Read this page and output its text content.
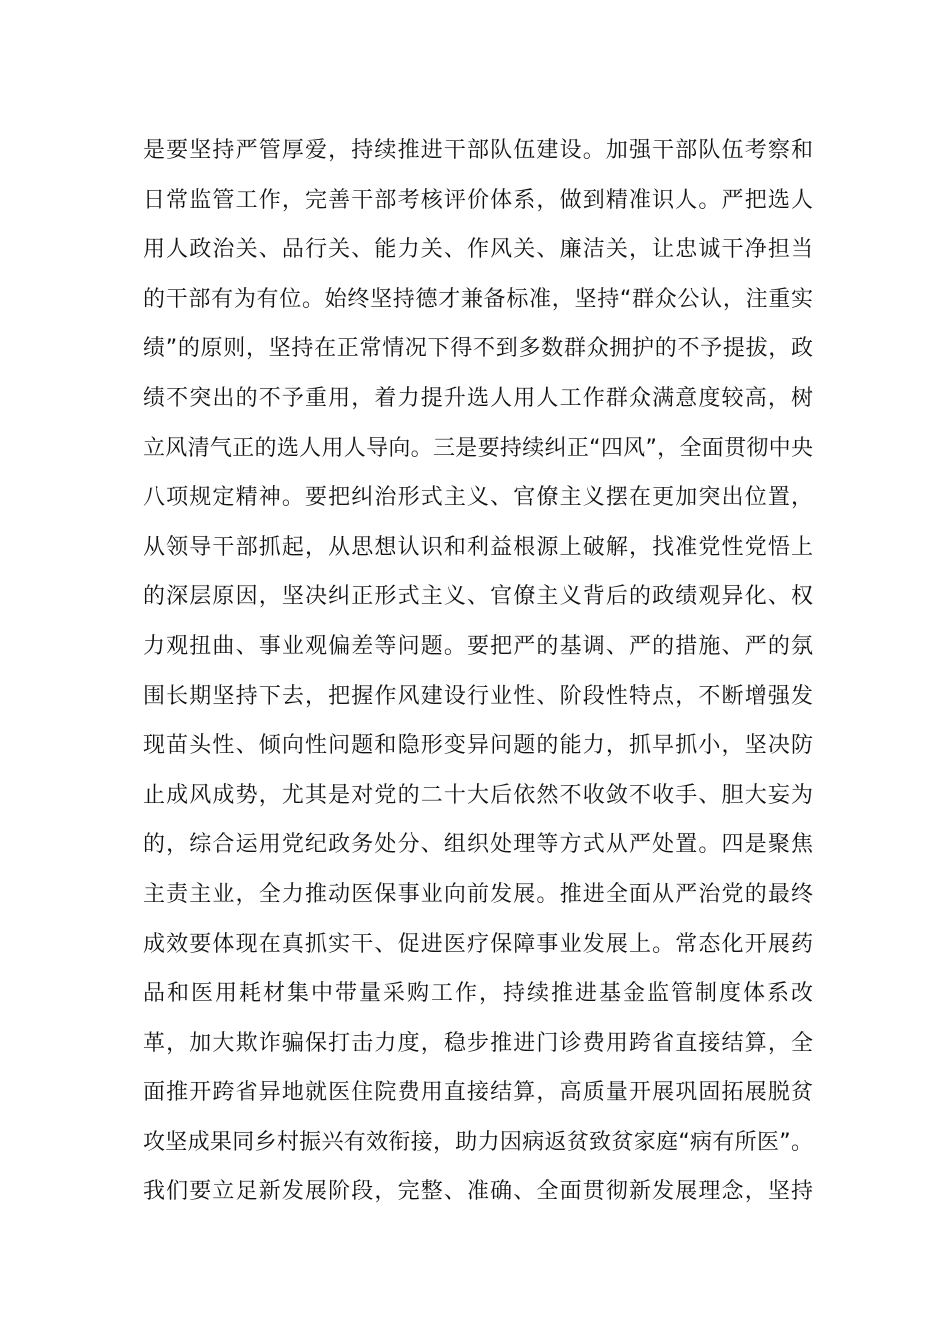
是要坚持严管厚爱，持续推进干部队伍建设。加强干部队伍考察和
日常监管工作，完善干部考核评价体系，做到精准识人。严把选人
用人政治关、品行关、能力关、作风关、廉洁关，让忠诚干净担当
的干部有为有位。始终坚持德才兼备标准，坚持“群众公认，注重实
绩”的原则，坚持在正常情况下得不到多数群众拥护的不予提拔，政
绩不突出的不予重用，着力提升选人用人工作群众满意度较高，树
立风清气正的选人用人导向。三是要持续纠正“四风”，全面贯彻中央
八项规定精神。要把纠治形式主义、官僚主义摆在更加突出位置，
从领导干部抓起，从思想认识和利益根源上破解，找准党性党悟上
的深层原因，坚决纠正形式主义、官僚主义背后的政绩观异化、权
力观扭曲、事业观偏差等问题。要把严的基调、严的措施、严的氛
围长期坚持下去，把握作风建设行业性、阶段性特点，不断增强发
现苗头性、倾向性问题和隐形变异问题的能力，抓早抓小，坚决防
止成风成势，尤其是对党的二十大后依然不收敛不收手、胆大妄为
的，综合运用党纪政务处分、组织处理等方式从严处置。四是聚焦
主责主业，全力推动医保事业向前发展。推进全面从严治党的最终
成效要体现在真抓实干、促进医疗保障事业发展上。常态化开展药
品和医用耗材集中带量采购工作，持续推进基金监管制度体系改
革，加大欺诈骗保打击力度，稳步推进门诊费用跨省直接结算，全
面推开跨省异地就医住院费用直接结算，高质量开展巩固拓展脱贫
攻坚成果同乡村振兴有效衔接，助力因病返贫致贫家庭“病有所医”。
我们要立足新发展阶段，完整、准确、全面贯彻新发展理念，坚持
